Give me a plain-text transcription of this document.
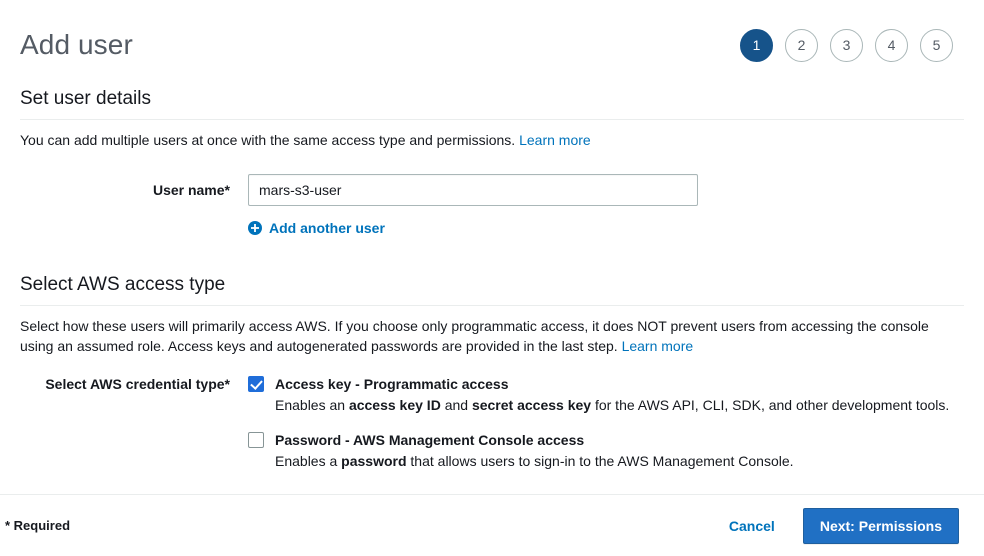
Add user	1	2	3	4	5
Set user details

You can add multiple users at once with the same access type and permissions. Learn more

User name*
mars-s3-user
Add another user
Select AWS access type

Select how these users will primarily access AWS. If you choose only programmatic access, it does NOT prevent users from accessing the console using an assumed role. Access keys and autogenerated passwords are provided in the last step. Learn more

Select AWS credential type*	Access key - Programmatic access
Enables an access key ID and secret access key for the AWS API, CLI, SDK, and other development tools.
Password - AWS Management Console access
Enables a password that allows users to sign-in to the AWS Management Console.
* Required	Cancel	Next: Permissions
